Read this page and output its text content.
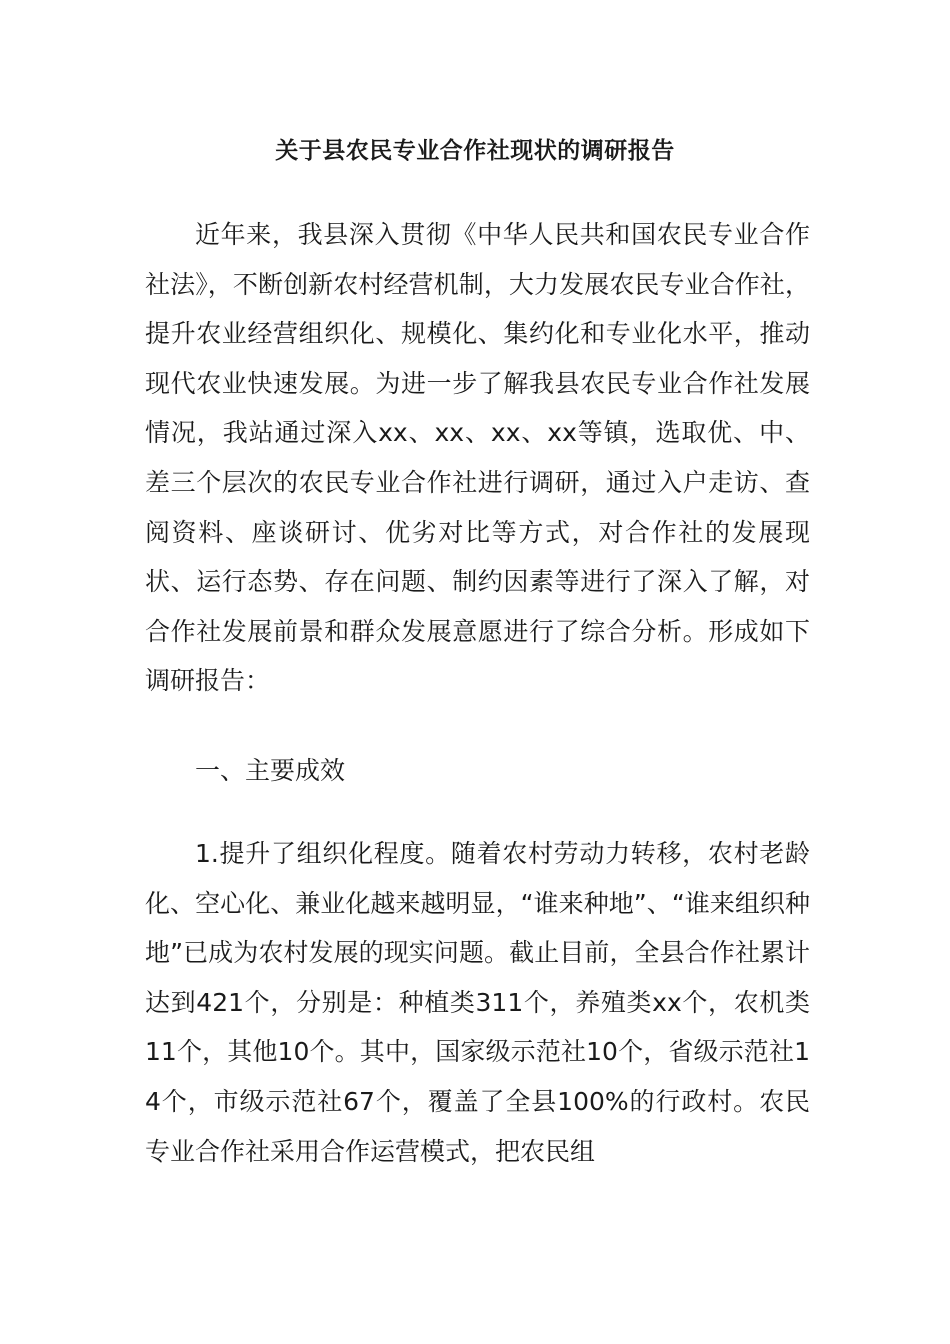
关于县农民专业合作社现状的调研报告

近年来，我县深入贯彻《中华人民共和国农民专业合作社法》，不断创新农村经营机制，大力发展农民专业合作社，提升农业经营组织化、规模化、集约化和专业化水平，推动现代农业快速发展。为进一步了解我县农民专业合作社发展情况，我站通过深入xx、xx、xx、xx等镇，选取优、中、差三个层次的农民专业合作社进行调研，通过入户走访、查阅资料、座谈研讨、优劣对比等方式，对合作社的发展现状、运行态势、存在问题、制约因素等进行了深入了解，对合作社发展前景和群众发展意愿进行了综合分析。形成如下调研报告：

一、主要成效

1.提升了组织化程度。随着农村劳动力转移，农村老龄化、空心化、兼业化越来越明显，“谁来种地”、“谁来组织种地”已成为农村发展的现实问题。截止目前，全县合作社累计达到421个，分别是：种植类311个，养殖类xx个，农机类11个，其他10个。其中，国家级示范社10个，省级示范社14个，市级示范社67个，覆盖了全县100%的行政村。农民专业合作社采用合作运营模式，把农民组
